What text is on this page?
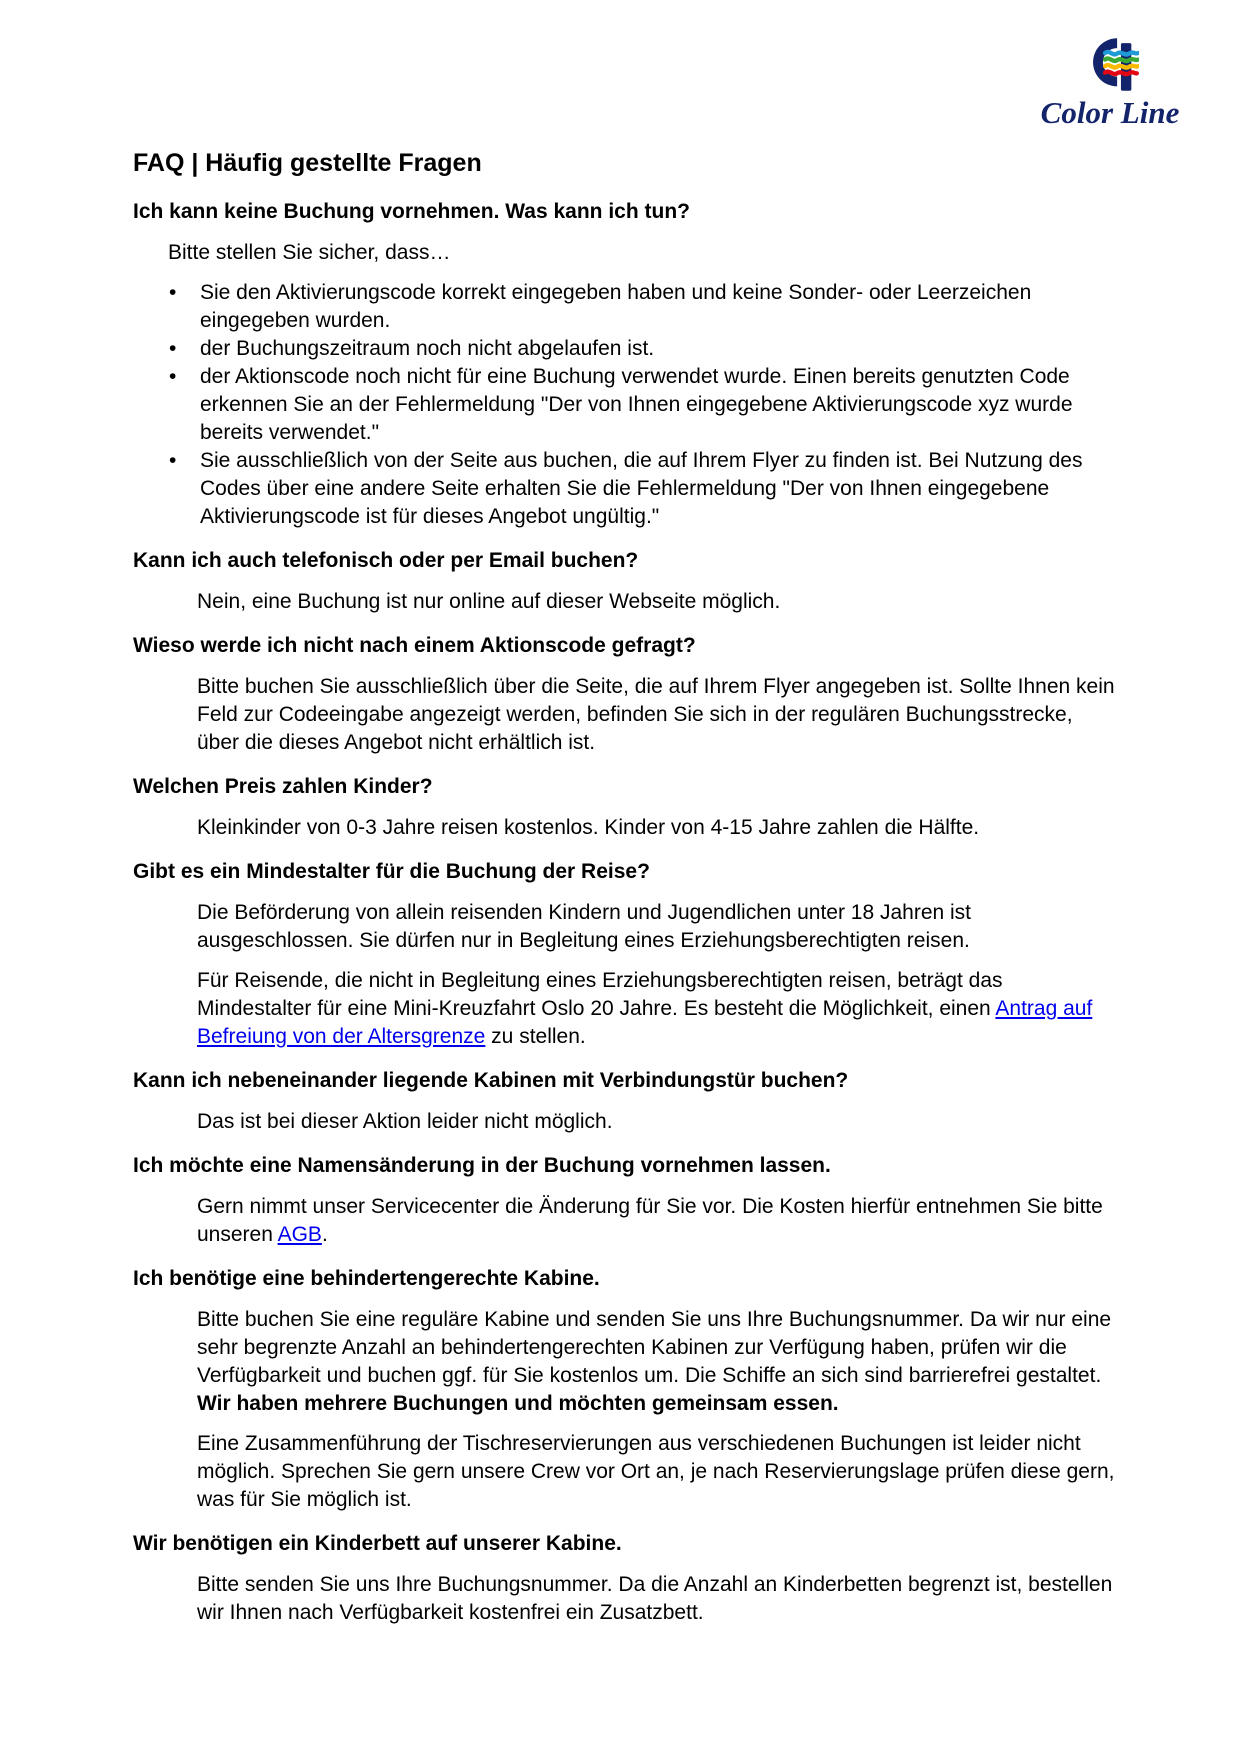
Color Line
FAQ | Häufig gestellte Fragen
Ich kann keine Buchung vornehmen. Was kann ich tun?

Bitte stellen Sie sicher, dass…

• Sie den Aktivierungscode korrekt eingegeben haben und keine Sonder- oder Leerzeichen eingegeben wurden.
• der Buchungszeitraum noch nicht abgelaufen ist.
• der Aktionscode noch nicht für eine Buchung verwendet wurde. Einen bereits genutzten Code erkennen Sie an der Fehlermeldung "Der von Ihnen eingegebene Aktivierungscode xyz wurde bereits verwendet."
• Sie ausschließlich von der Seite aus buchen, die auf Ihrem Flyer zu finden ist. Bei Nutzung des Codes über eine andere Seite erhalten Sie die Fehlermeldung "Der von Ihnen eingegebene Aktivierungscode ist für dieses Angebot ungültig."
Kann ich auch telefonisch oder per Email buchen?

Nein, eine Buchung ist nur online auf dieser Webseite möglich.

Wieso werde ich nicht nach einem Aktionscode gefragt?

Bitte buchen Sie ausschließlich über die Seite, die auf Ihrem Flyer angegeben ist. Sollte Ihnen kein Feld zur Codeeingabe angezeigt werden, befinden Sie sich in der regulären Buchungsstrecke, über die dieses Angebot nicht erhältlich ist.

Welchen Preis zahlen Kinder?

Kleinkinder von 0-3 Jahre reisen kostenlos. Kinder von 4-15 Jahre zahlen die Hälfte.

Gibt es ein Mindestalter für die Buchung der Reise?

Die Beförderung von allein reisenden Kindern und Jugendlichen unter 18 Jahren ist ausgeschlossen. Sie dürfen nur in Begleitung eines Erziehungsberechtigten reisen.

Für Reisende, die nicht in Begleitung eines Erziehungsberechtigten reisen, beträgt das Mindestalter für eine Mini-Kreuzfahrt Oslo 20 Jahre. Es besteht die Möglichkeit, einen Antrag auf Befreiung von der Altersgrenze zu stellen.

Kann ich nebeneinander liegende Kabinen mit Verbindungstür buchen?

Das ist bei dieser Aktion leider nicht möglich.

Ich möchte eine Namensänderung in der Buchung vornehmen lassen.

Gern nimmt unser Servicecenter die Änderung für Sie vor. Die Kosten hierfür entnehmen Sie bitte unseren AGB.

Ich benötige eine behindertengerechte Kabine.

Bitte buchen Sie eine reguläre Kabine und senden Sie uns Ihre Buchungsnummer. Da wir nur eine sehr begrenzte Anzahl an behindertengerechten Kabinen zur Verfügung haben, prüfen wir die Verfügbarkeit und buchen ggf. für Sie kostenlos um. Die Schiffe an sich sind barrierefrei gestaltet. Wir haben mehrere Buchungen und möchten gemeinsam essen.

Eine Zusammenführung der Tischreservierungen aus verschiedenen Buchungen ist leider nicht möglich. Sprechen Sie gern unsere Crew vor Ort an, je nach Reservierungslage prüfen diese gern, was für Sie möglich ist.

Wir benötigen ein Kinderbett auf unserer Kabine.

Bitte senden Sie uns Ihre Buchungsnummer. Da die Anzahl an Kinderbetten begrenzt ist, bestellen wir Ihnen nach Verfügbarkeit kostenfrei ein Zusatzbett.
